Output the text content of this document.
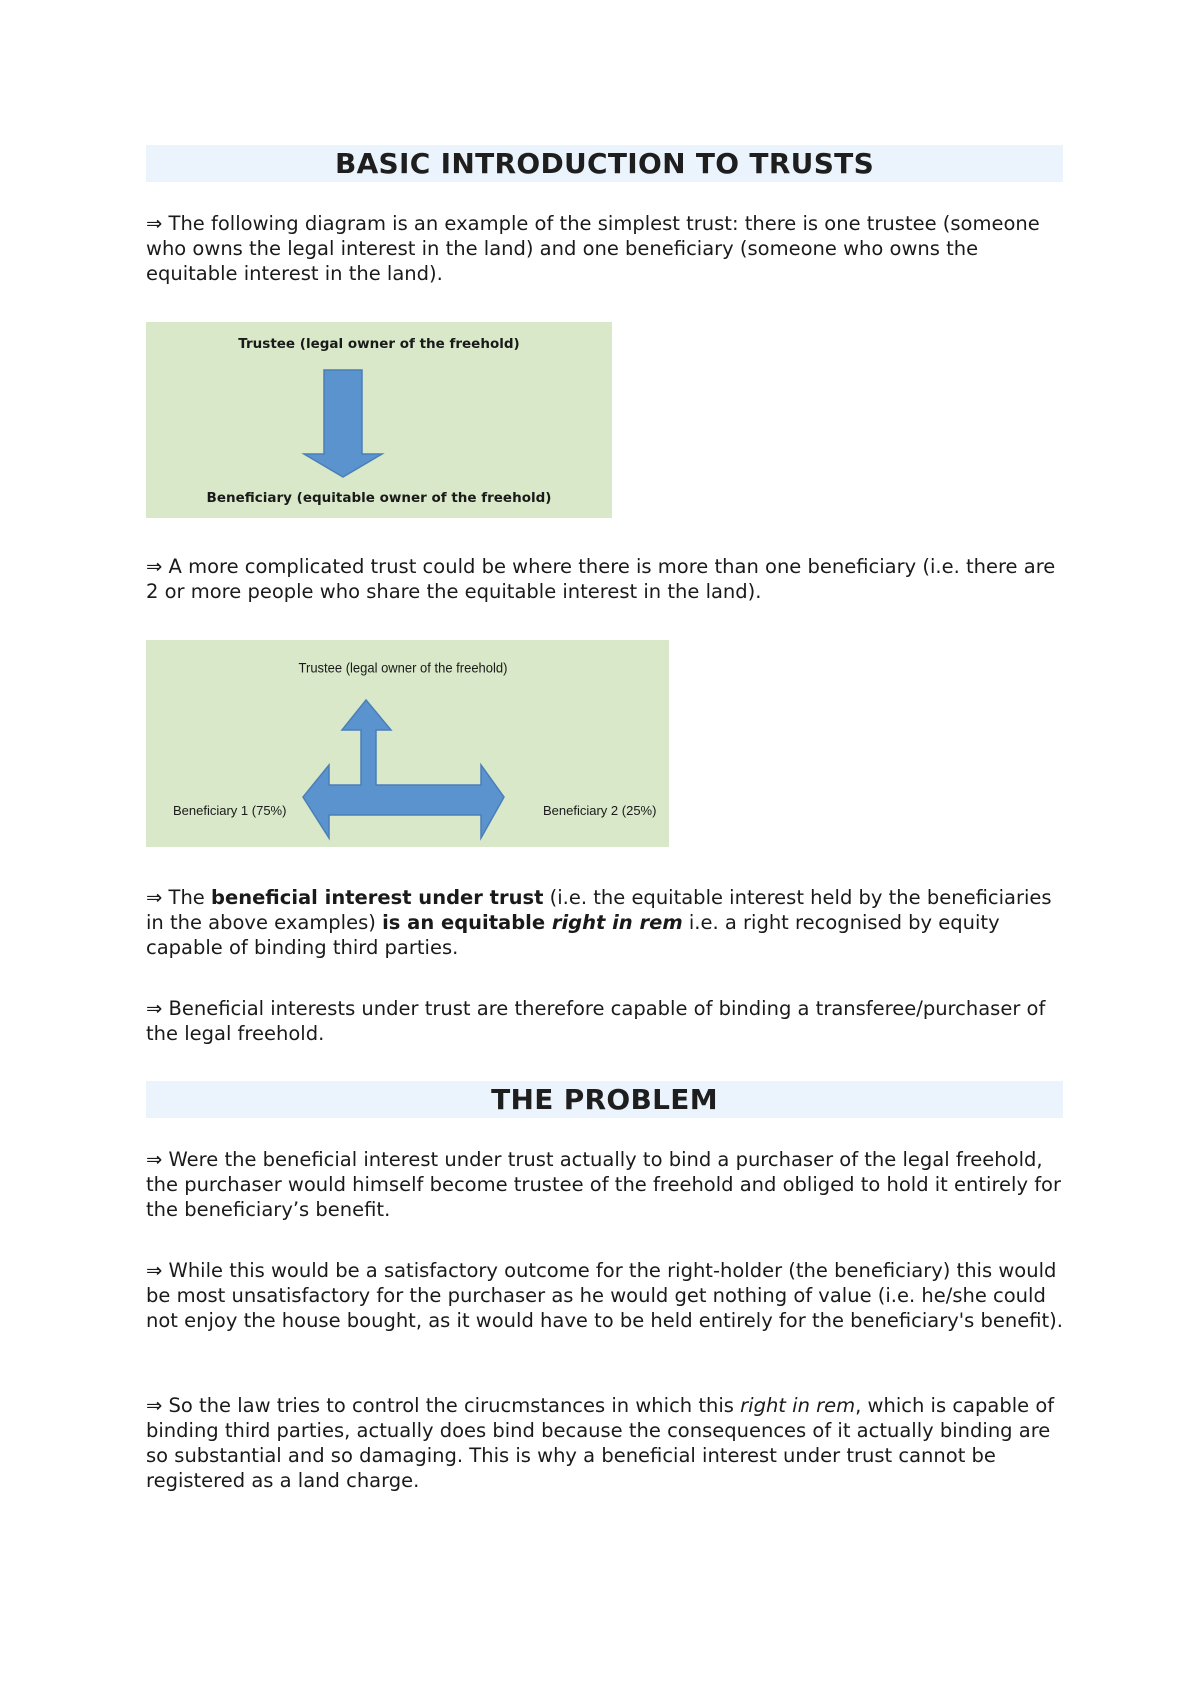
BASIC INTRODUCTION TO TRUSTS

⇒ The following diagram is an example of the simplest trust: there is one trustee (someone who owns the legal interest in the land) and one beneficiary (someone who owns the equitable interest in the land).

Trustee (legal owner of the freehold)
Beneficiary (equitable owner of the freehold)

⇒ A more complicated trust could be where there is more than one beneficiary (i.e. there are 2 or more people who share the equitable interest in the land).

Trustee (legal owner of the freehold)
Beneficiary 1 (75%)	Beneficiary 2 (25%)

⇒ The beneficial interest under trust (i.e. the equitable interest held by the beneficiaries in the above examples) is an equitable right in rem i.e. a right recognised by equity capable of binding third parties.

⇒ Beneficial interests under trust are therefore capable of binding a transferee/purchaser of the legal freehold.

THE PROBLEM

⇒ Were the beneficial interest under trust actually to bind a purchaser of the legal freehold, the purchaser would himself become trustee of the freehold and obliged to hold it entirely for the beneficiary’s benefit.

⇒ While this would be a satisfactory outcome for the right-holder (the beneficiary) this would be most unsatisfactory for the purchaser as he would get nothing of value (i.e. he/she could not enjoy the house bought, as it would have to be held entirely for the beneficiary's benefit).

⇒ So the law tries to control the cirucmstances in which this right in rem, which is capable of binding third parties, actually does bind because the consequences of it actually binding are so substantial and so damaging. This is why a beneficial interest under trust cannot be registered as a land charge.
